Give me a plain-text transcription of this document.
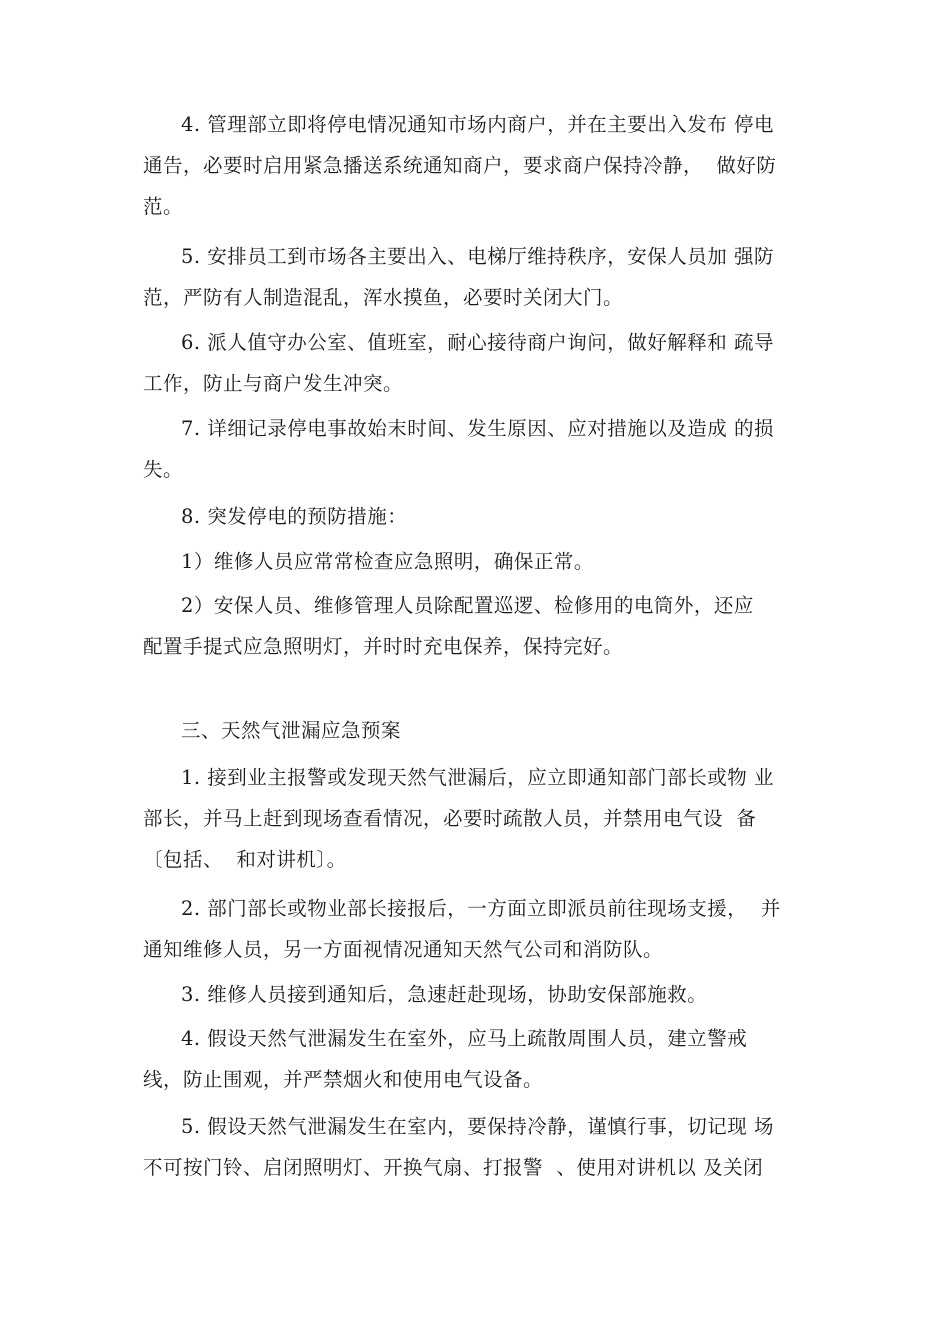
4. 管理部立即将停电情况通知市场内商户，并在主要出入发布 停电
通告，必要时启用紧急播送系统通知商户，要求商户保持冷静，  做好防
范。
5. 安排员工到市场各主要出入、电梯厅维持秩序，安保人员加 强防
范，严防有人制造混乱，浑水摸鱼，必要时关闭大门。
6. 派人值守办公室、值班室，耐心接待商户询问，做好解释和 疏导
工作，防止与商户发生冲突。
7. 详细记录停电事故始末时间、发生原因、应对措施以及造成 的损
失。
8. 突发停电的预防措施：
1）维修人员应常常检查应急照明，确保正常。
2）安保人员、维修管理人员除配置巡逻、检修用的电筒外，还应
配置手提式应急照明灯，并时时充电保养，保持完好。
三、天然气泄漏应急预案
1. 接到业主报警或发现天然气泄漏后，应立即通知部门部长或物 业
部长，并马上赶到现场查看情况，必要时疏散人员，并禁用电气设  备
〔包括、  和对讲机〕。
2. 部门部长或物业部长接报后，一方面立即派员前往现场支援，  并
通知维修人员，另一方面视情况通知天然气公司和消防队。
3. 维修人员接到通知后，急速赶赴现场，协助安保部施救。
4. 假设天然气泄漏发生在室外，应马上疏散周围人员，建立警戒
线，防止围观，并严禁烟火和使用电气设备。
5. 假设天然气泄漏发生在室内，要保持冷静，谨慎行事，切记现 场
不可按门铃、启闭照明灯、开换气扇、打报警  、使用对讲机以 及关闭
